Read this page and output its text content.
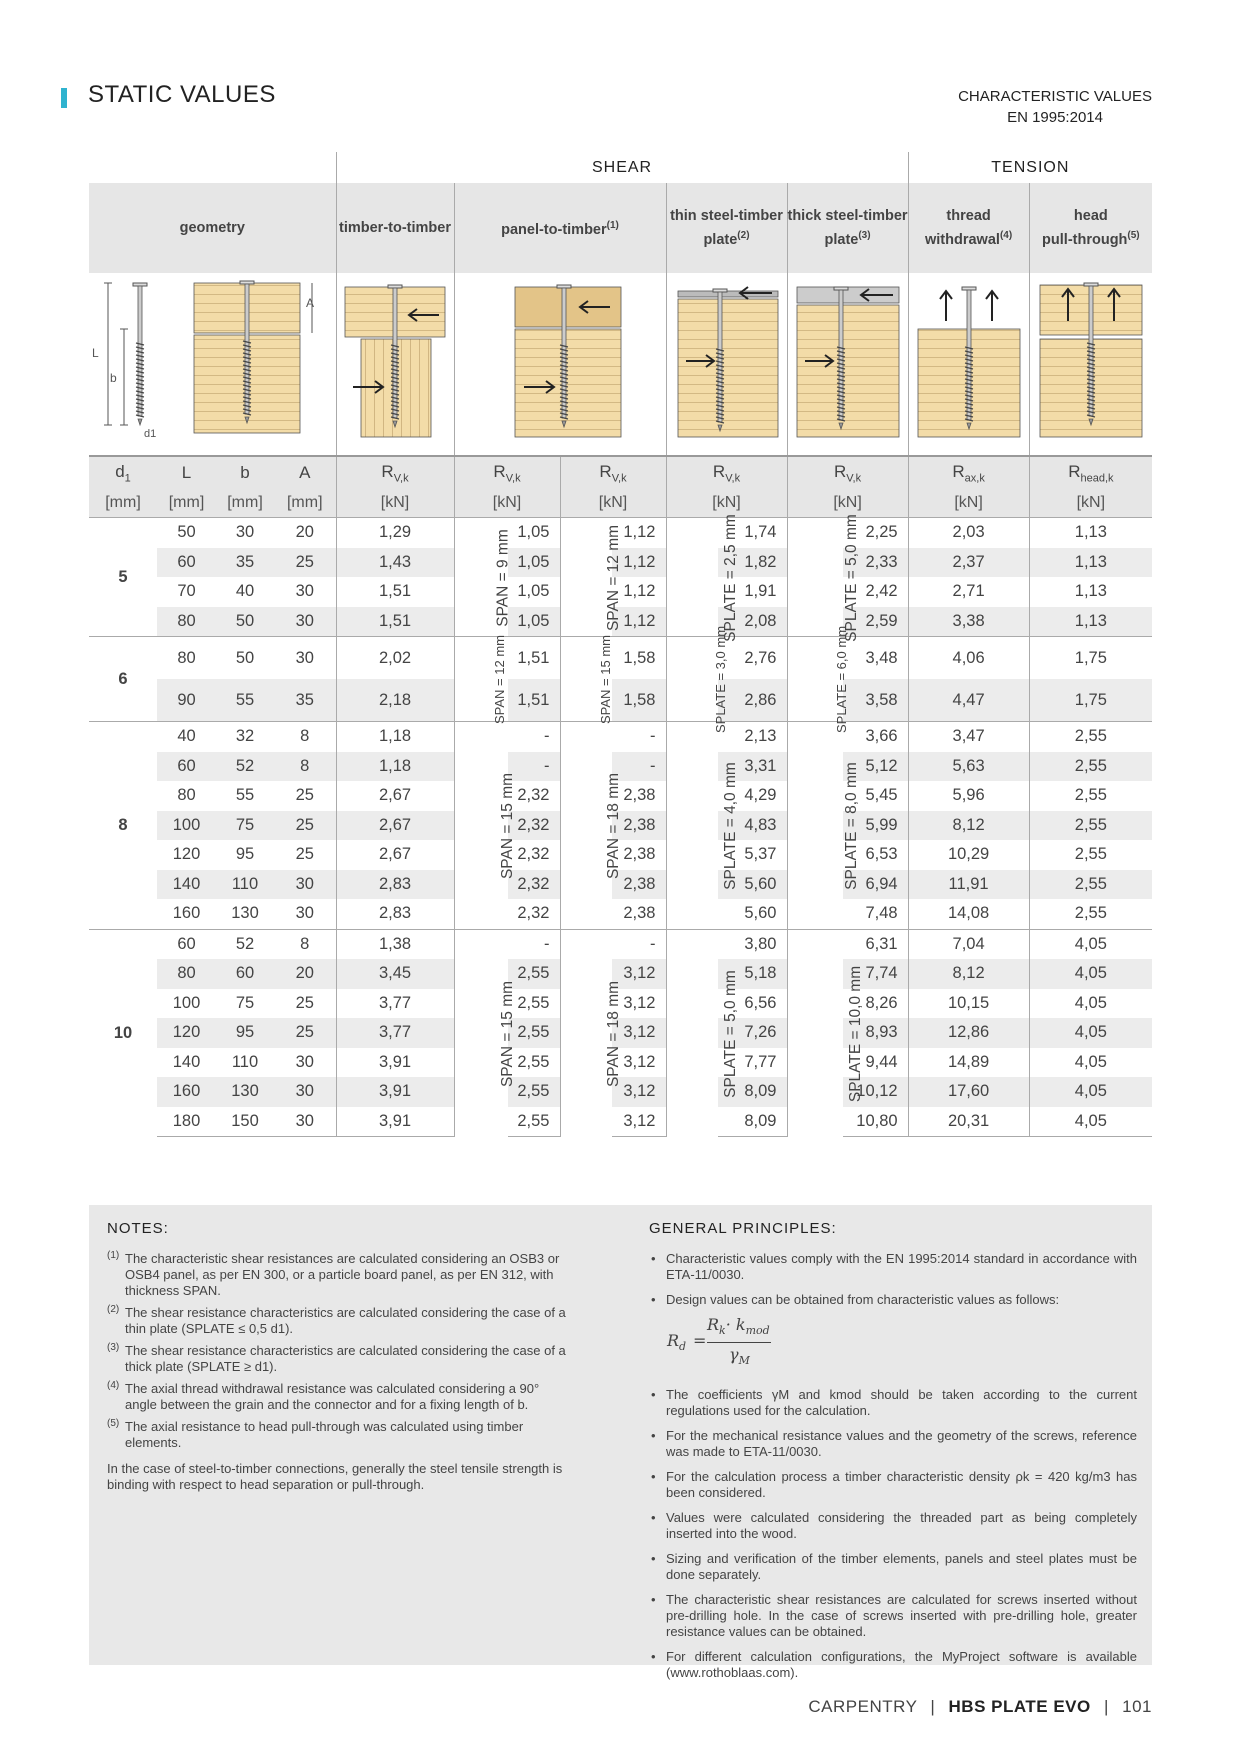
STATIC VALUES	CHARACTERISTIC VALUES
EN 1995:2014
				SHEAR									TENSION	
geometry				timber-to-timber	panel-to-timber$^{(1)}$				thin steel-timber
plate$^{(2)}$		thick steel-timber
plate$^{(3)}$		thread
withdrawal$^{(4)}$	head
pull-through$^{(5)}$

L
b
d1
A

$d_1$	L	b	A	$R_{V,k}$	$R_{V,k}$		$R_{V,k}$		$R_{V,k}$		$R_{V,k}$		$R_{ax,k}$	$R_{head,k}$
[mm]	[mm]	[mm]	[mm]	[kN]	[kN]		[kN]		[kN]		[kN]		[kN]	[kN]
5	50	30	20	1,29	SPAN = 9 mm	1,05	SPAN = 12 mm	1,12	SPLATE = 2,5 mm	1,74	SPLATE = 5,0 mm	2,25	2,03	1,13
	60	35	25	1,43		1,05		1,12		1,82		2,33	2,37	1,13
	70	40	30	1,51		1,05		1,12		1,91		2,42	2,71	1,13
	80	50	30	1,51		1,05		1,12		2,08		2,59	3,38	1,13
6	80	50	30	2,02	SPAN = 12 mm	1,51	SPAN = 15 mm	1,58	SPLATE = 3,0 mm	2,76	SPLATE = 6,0 mm	3,48	4,06	1,75
	90	55	35	2,18		1,51		1,58		2,86		3,58	4,47	1,75
8	40	32	8	1,18	SPAN = 15 mm	-	SPAN = 18 mm	-	SPLATE = 4,0 mm	2,13	SPLATE = 8,0 mm	3,66	3,47	2,55
	60	52	8	1,18		-		-		3,31		5,12	5,63	2,55
	80	55	25	2,67		2,32		2,38		4,29		5,45	5,96	2,55
	100	75	25	2,67		2,32		2,38		4,83		5,99	8,12	2,55
	120	95	25	2,67		2,32		2,38		5,37		6,53	10,29	2,55
	140	110	30	2,83		2,32		2,38		5,60		6,94	11,91	2,55
	160	130	30	2,83		2,32		2,38		5,60		7,48	14,08	2,55
10	60	52	8	1,38	SPAN = 15 mm	-	SPAN = 18 mm	-	SPLATE = 5,0 mm	3,80	SPLATE = 10,0 mm	6,31	7,04	4,05
	80	60	20	3,45		2,55		3,12		5,18		7,74	8,12	4,05
	100	75	25	3,77		2,55		3,12		6,56		8,26	10,15	4,05
	120	95	25	3,77		2,55		3,12		7,26		8,93	12,86	4,05
	140	110	30	3,91		2,55		3,12		7,77		9,44	14,89	4,05
	160	130	30	3,91		2,55		3,12		8,09		10,12	17,60	4,05
	180	150	30	3,91		2,55		3,12		8,09		10,80	20,31	4,05
NOTES:
(1) The characteristic shear resistances are calculated considering an OSB3 or OSB4 panel, as per EN 300, or a particle board panel, as per EN 312, with thickness SPAN.
(2) The shear resistance characteristics are calculated considering the case of a thin plate (SPLATE ≤ 0,5 d1).
(3) The shear resistance characteristics are calculated considering the case of a thick plate (SPLATE ≥ d1).
(4) The axial thread withdrawal resistance was calculated considering a 90° angle between the grain and the connector and for a fixing length of b.
(5) The axial resistance to head pull-through was calculated using timber elements.
In the case of steel-to-timber connections, generally the steel tensile strength is binding with respect to head separation or pull-through.
GENERAL PRINCIPLES:
• Characteristic values comply with the EN 1995:2014 standard in accordance with ETA-11/0030.
• Design values can be obtained from characteristic values as follows:
$R_d$ =
$R_k\cdot k_{mod}$
$\gamma_M$
• The coefficients γM and kmod should be taken according to the current regulations used for the calculation.
• For the mechanical resistance values and the geometry of the screws, reference was made to ETA-11/0030.
• For the calculation process a timber characteristic density ρk = 420 kg/m3 has been considered.
• Values were calculated considering the threaded part as being completely inserted into the wood.
• Sizing and verification of the timber elements, panels and steel plates must be done separately.
• The characteristic shear resistances are calculated for screws inserted without pre-drilling hole. In the case of screws inserted with pre-drilling hole, greater resistance values can be obtained.
• For different calculation configurations, the MyProject software is available (www.rothoblaas.com).
CARPENTRY | HBS PLATE EVO | 101
